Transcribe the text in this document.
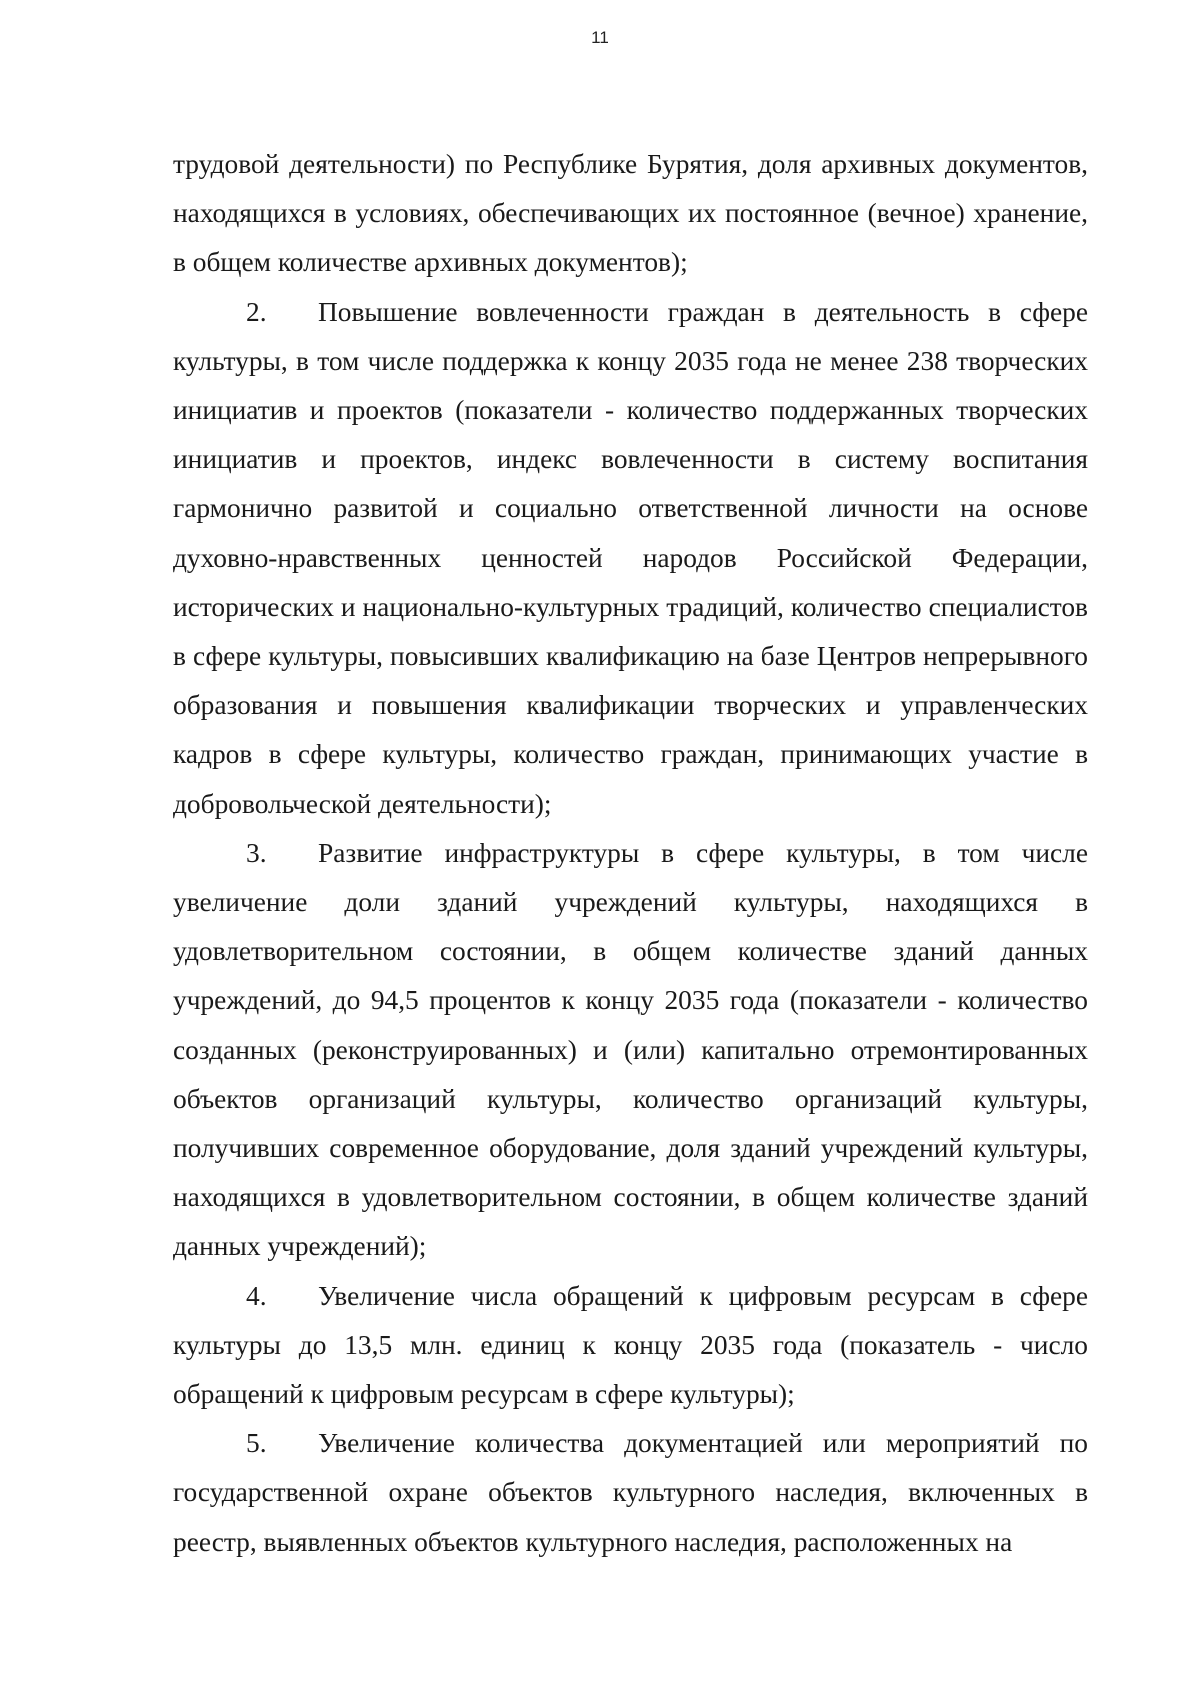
11

трудовой деятельности) по Республике Бурятия, доля архивных документов, находящихся в условиях, обеспечивающих их постоянное (вечное) хранение, в общем количестве архивных документов);

2. Повышение вовлеченности граждан в деятельность в сфере культуры, в том числе поддержка к концу 2035 года не менее 238 творческих инициатив и проектов (показатели - количество поддержанных творческих инициатив и проектов, индекс вовлеченности в систему воспитания гармонично развитой и социально ответственной личности на основе духовно-нравственных ценностей народов Российской Федерации, исторических и национально-культурных традиций, количество специалистов в сфере культуры, повысивших квалификацию на базе Центров непрерывного образования и повышения квалификации творческих и управленческих кадров в сфере культуры, количество граждан, принимающих участие в добровольческой деятельности);

3. Развитие инфраструктуры в сфере культуры, в том числе увеличение доли зданий учреждений культуры, находящихся в удовлетворительном состоянии, в общем количестве зданий данных учреждений, до 94,5 процентов к концу 2035 года (показатели - количество созданных (реконструированных) и (или) капитально отремонтированных объектов организаций культуры, количество организаций культуры, получивших современное оборудование, доля зданий учреждений культуры, находящихся в удовлетворительном состоянии, в общем количестве зданий данных учреждений);

4. Увеличение числа обращений к цифровым ресурсам в сфере культуры до 13,5 млн. единиц к концу 2035 года (показатель - число обращений к цифровым ресурсам в сфере культуры);

5. Увеличение количества документацией или мероприятий по государственной охране объектов культурного наследия, включенных в реестр, выявленных объектов культурного наследия, расположенных на
